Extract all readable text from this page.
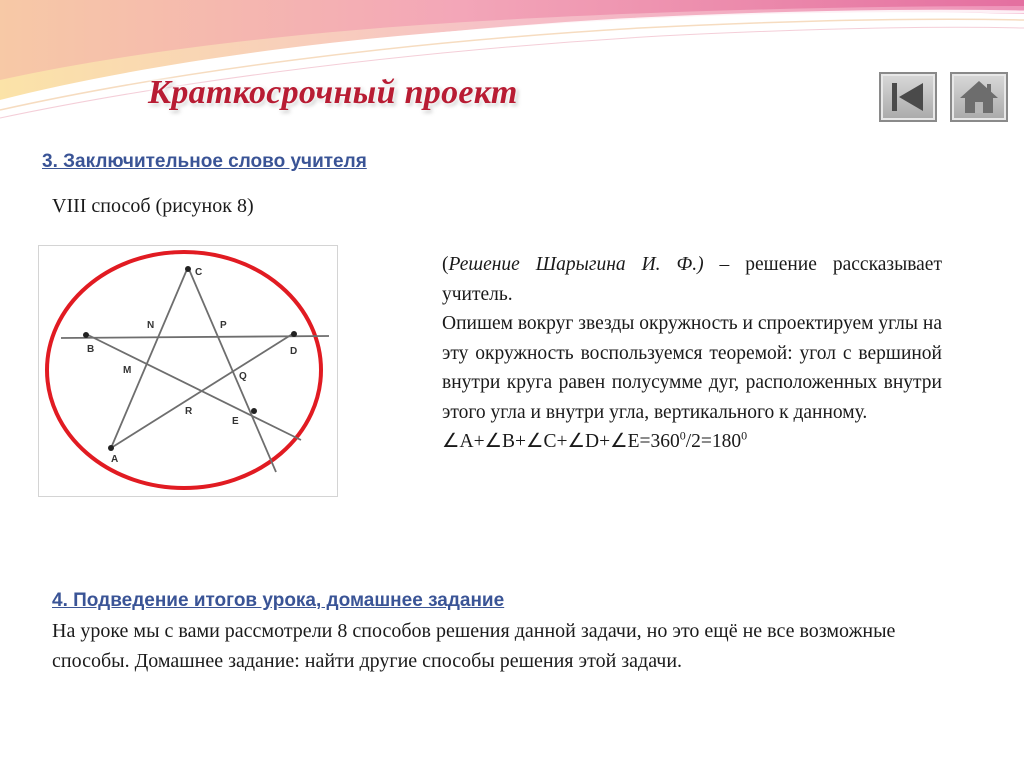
Краткосрочный проект
3. Заключительное слово учителя
VIII способ (рисунок 8)
C
N	P
B	D
M
Q
R
E
A

(Решение Шарыгина И. Ф.) – решение рассказывает учитель.

Опишем вокруг звезды окружность и спроектируем углы на эту окружность воспользуемся теоремой: угол с вершиной внутри круга равен полусумме дуг, расположенных внутри этого угла и внутри угла, вертикального к данному.

$\angle A+\angle B+\angle C+\angle D+\angle E=360^0/2=180^0$

4. Подведение итогов урока, домашнее задание
На уроке мы с вами рассмотрели 8 способов решения данной задачи, но это ещё не все возможные способы. Домашнее задание: найти другие способы решения этой задачи.
